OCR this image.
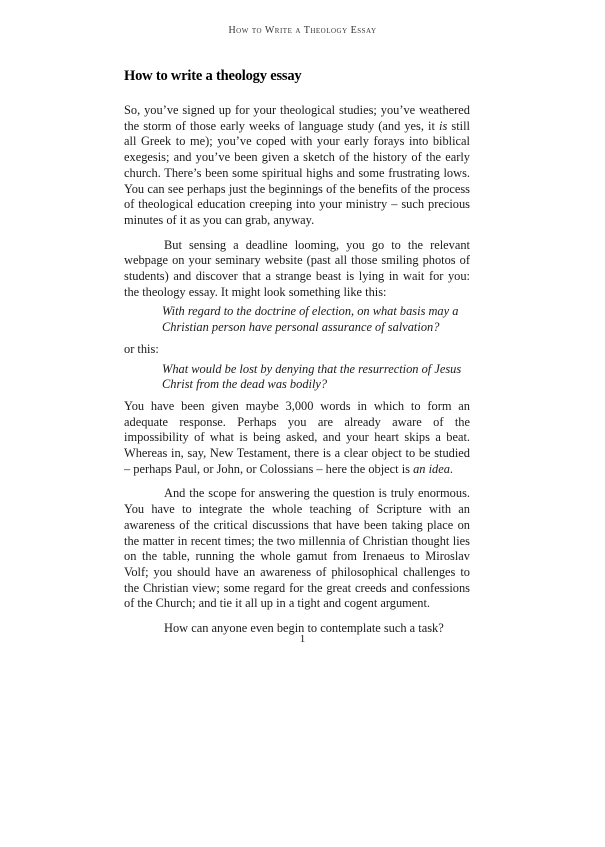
How to Write a Theology Essay
How to write a theology essay

So, you’ve signed up for your theological studies; you’ve weathered the storm of those early weeks of language study (and yes, it is still all Greek to me); you’ve coped with your early forays into biblical exegesis; and you’ve been given a sketch of the history of the early church. There’s been some spiritual highs and some frustrating lows. You can see perhaps just the beginnings of the benefits of the process of theological education creeping into your ministry – such precious minutes of it as you can grab, anyway.

But sensing a deadline looming, you go to the relevant webpage on your seminary website (past all those smiling photos of students) and discover that a strange beast is lying in wait for you: the theology essay. It might look something like this:

With regard to the doctrine of election, on what basis may a Christian person have personal assurance of salvation?

or this:

What would be lost by denying that the resurrection of Jesus Christ from the dead was bodily?

You have been given maybe 3,000 words in which to form an adequate response. Perhaps you are already aware of the impossibility of what is being asked, and your heart skips a beat. Whereas in, say, New Testament, there is a clear object to be studied – perhaps Paul, or John, or Colossians – here the object is an idea.

And the scope for answering the question is truly enormous. You have to integrate the whole teaching of Scripture with an awareness of the critical discussions that have been taking place on the matter in recent times; the two millennia of Christian thought lies on the table, running the whole gamut from Irenaeus to Miroslav Volf; you should have an awareness of philosophical challenges to the Christian view; some regard for the great creeds and confessions of the Church; and tie it all up in a tight and cogent argument.

How can anyone even begin to contemplate such a task?

1
